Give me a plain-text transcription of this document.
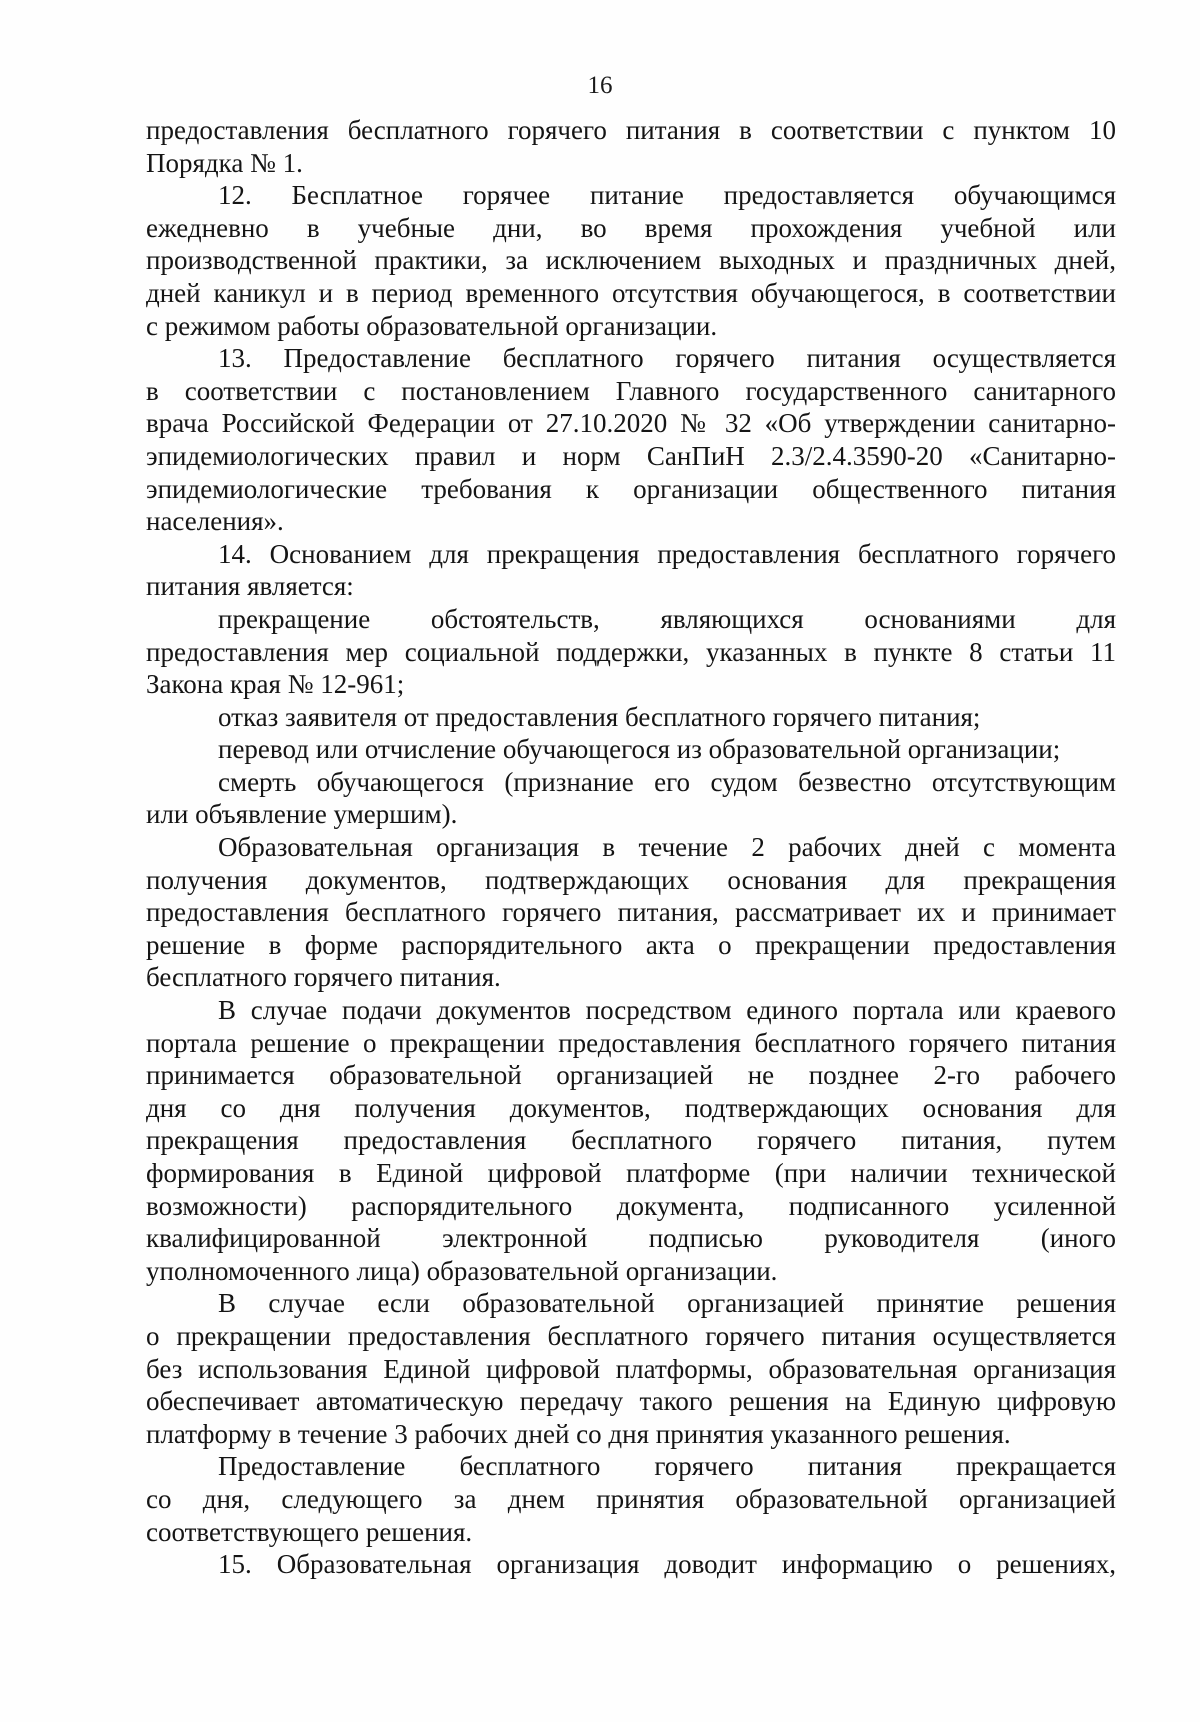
16
предоставления бесплатного горячего питания в соответствии с пунктом 10
Порядка № 1.
12. Бесплатное горячее питание предоставляется обучающимся
ежедневно в учебные дни, во время прохождения учебной или
производственной практики, за исключением выходных и праздничных дней,
дней каникул и в период временного отсутствия обучающегося, в соответствии
с режимом работы образовательной организации.
13. Предоставление бесплатного горячего питания осуществляется
в соответствии с постановлением Главного государственного санитарного
врача Российской Федерации от 27.10.2020 № 32 «Об утверждении санитарно-
эпидемиологических правил и норм СанПиН 2.3/2.4.3590-20 «Санитарно-
эпидемиологические требования к организации общественного питания
населения».
14. Основанием для прекращения предоставления бесплатного горячего
питания является:
прекращение обстоятельств, являющихся основаниями для
предоставления мер социальной поддержки, указанных в пункте 8 статьи 11
Закона края № 12-961;
отказ заявителя от предоставления бесплатного горячего питания;
перевод или отчисление обучающегося из образовательной организации;
смерть обучающегося (признание его судом безвестно отсутствующим
или объявление умершим).
Образовательная организация в течение 2 рабочих дней с момента
получения документов, подтверждающих основания для прекращения
предоставления бесплатного горячего питания, рассматривает их и принимает
решение в форме распорядительного акта о прекращении предоставления
бесплатного горячего питания.
В случае подачи документов посредством единого портала или краевого
портала решение о прекращении предоставления бесплатного горячего питания
принимается образовательной организацией не позднее 2-го рабочего
дня со дня получения документов, подтверждающих основания для
прекращения предоставления бесплатного горячего питания, путем
формирования в Единой цифровой платформе (при наличии технической
возможности) распорядительного документа, подписанного усиленной
квалифицированной электронной подписью руководителя (иного
уполномоченного лица) образовательной организации.
В случае если образовательной организацией принятие решения
о прекращении предоставления бесплатного горячего питания осуществляется
без использования Единой цифровой платформы, образовательная организация
обеспечивает автоматическую передачу такого решения на Единую цифровую
платформу в течение 3 рабочих дней со дня принятия указанного решения.
Предоставление бесплатного горячего питания прекращается
со дня, следующего за днем принятия образовательной организацией
соответствующего решения.
15. Образовательная организация доводит информацию о решениях,
